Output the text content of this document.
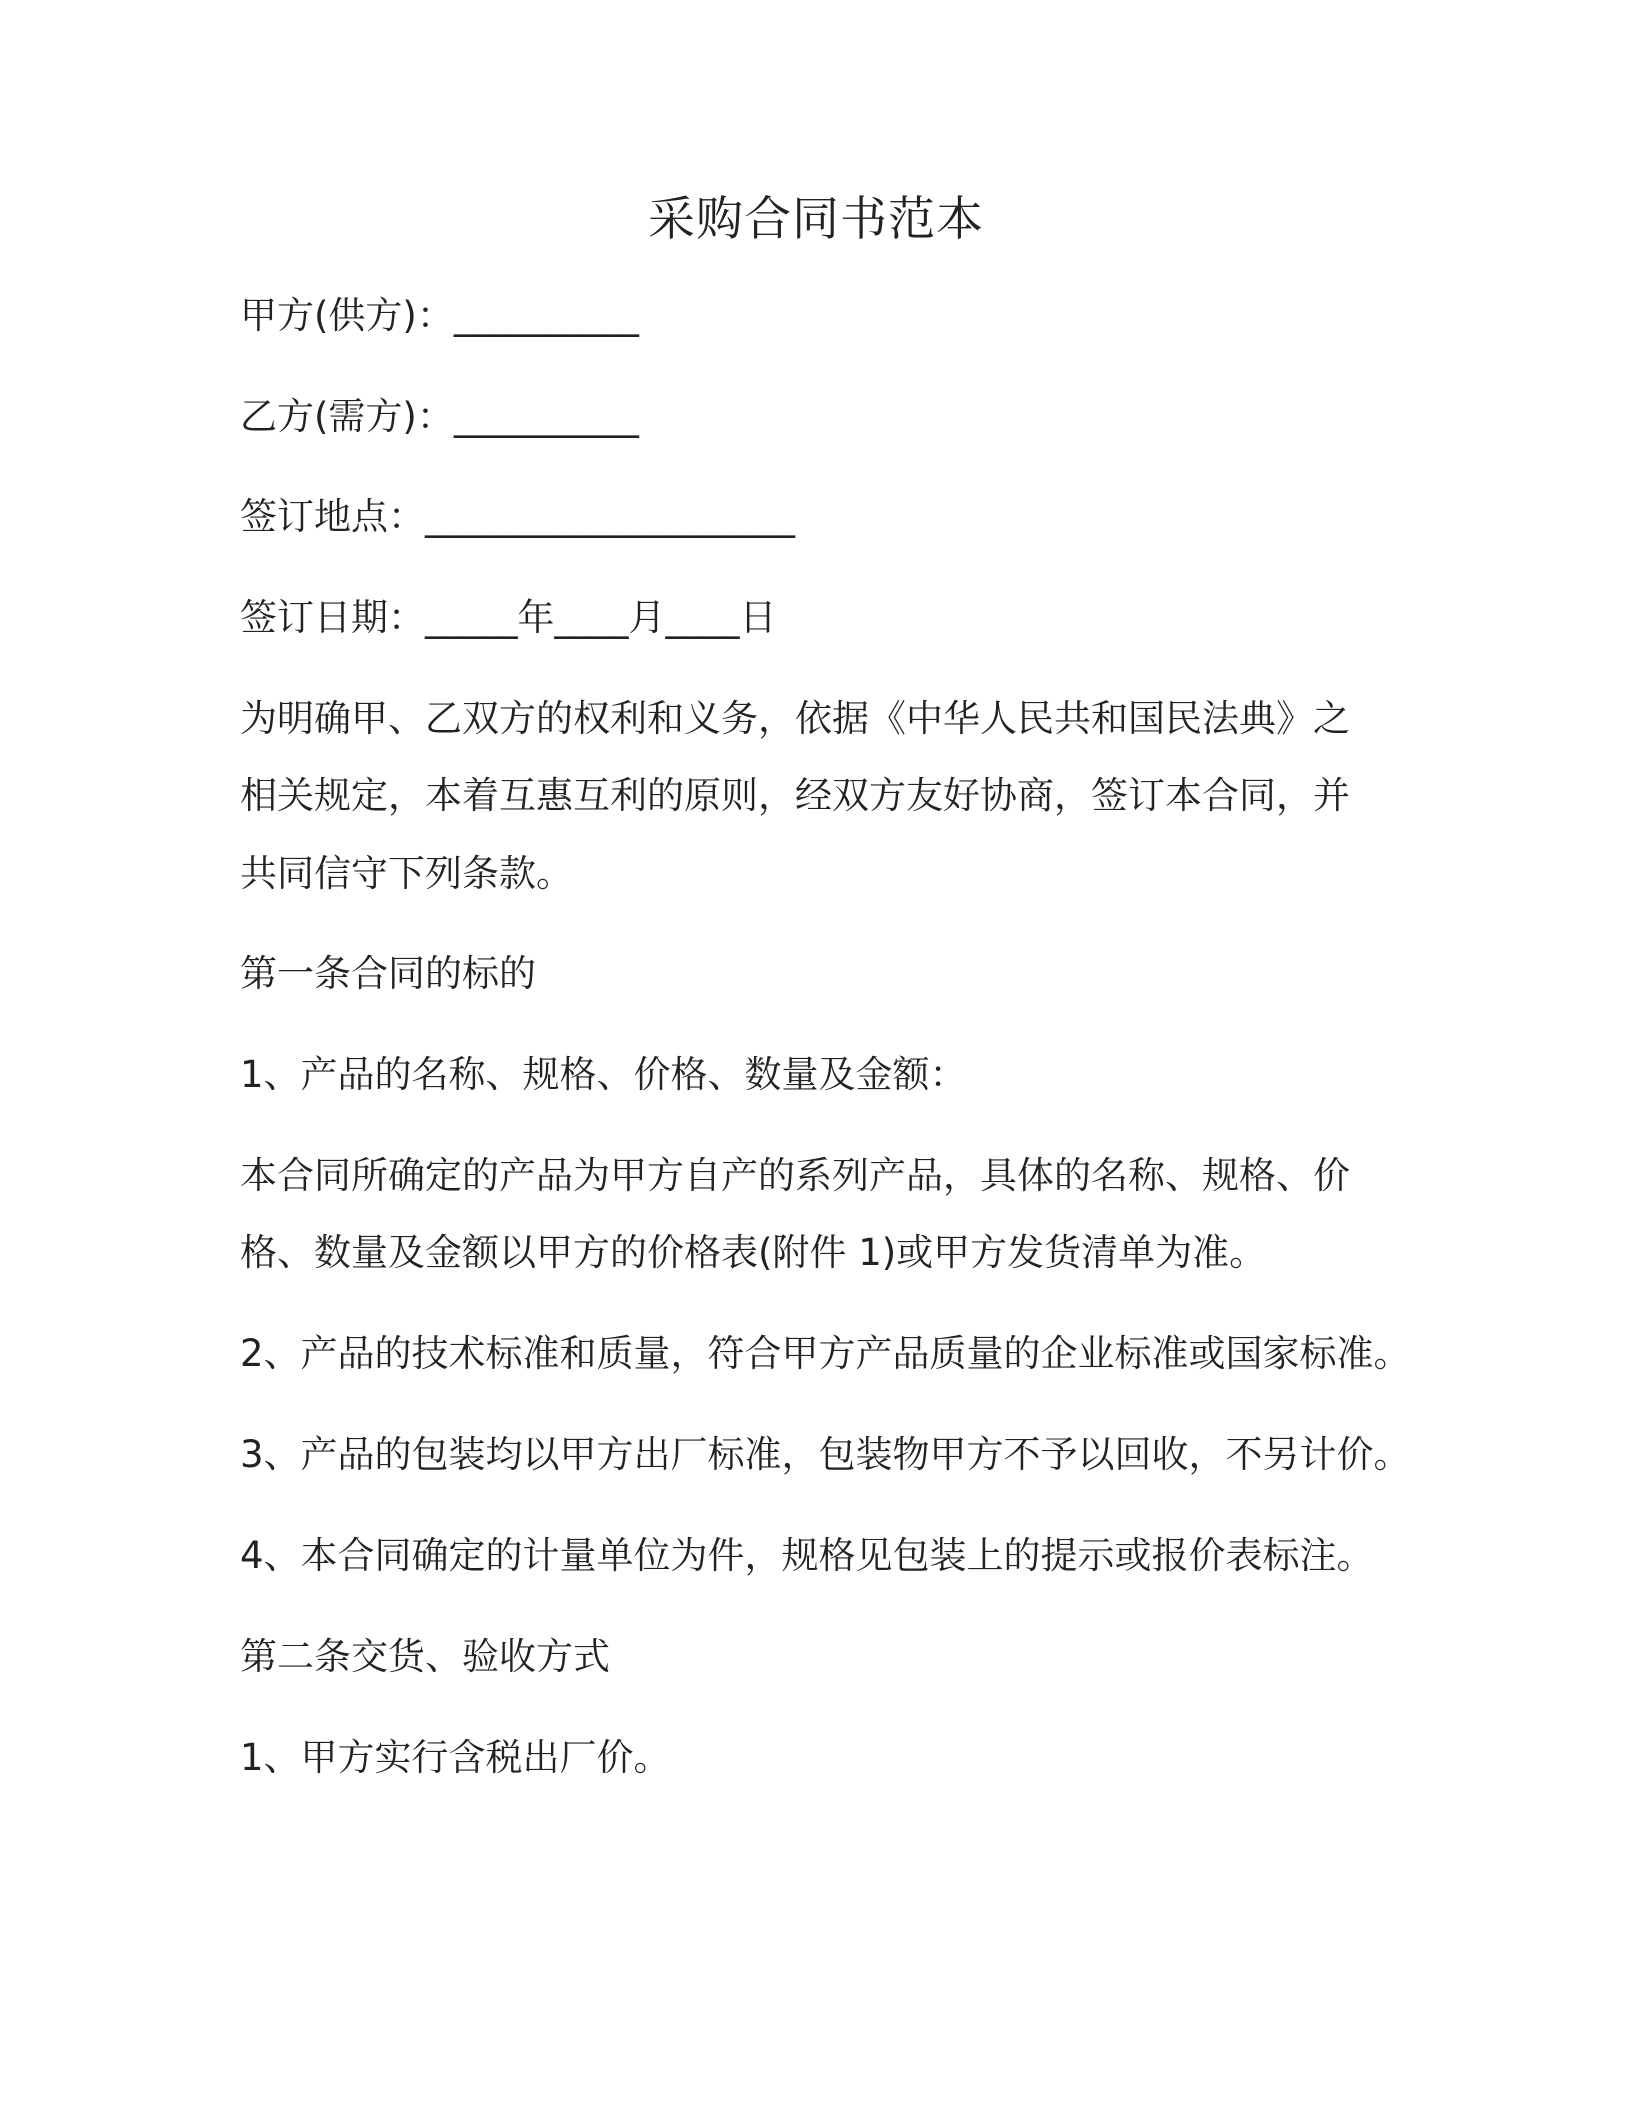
采购合同书范本

甲方(供方)：__________

乙方(需方)：__________

签订地点：____________________

签订日期：_____年____月____日

为明确甲、乙双方的权利和义务，依据《中华人民共和国民法典》之

相关规定，本着互惠互利的原则，经双方友好协商，签订本合同，并

共同信守下列条款。

第一条合同的标的

1、产品的名称、规格、价格、数量及金额：

本合同所确定的产品为甲方自产的系列产品，具体的名称、规格、价

格、数量及金额以甲方的价格表(附件 1)或甲方发货清单为准。

2、产品的技术标准和质量，符合甲方产品质量的企业标准或国家标准。

3、产品的包装均以甲方出厂标准，包装物甲方不予以回收，不另计价。

4、本合同确定的计量单位为件，规格见包装上的提示或报价表标注。

第二条交货、验收方式

1、甲方实行含税出厂价。
